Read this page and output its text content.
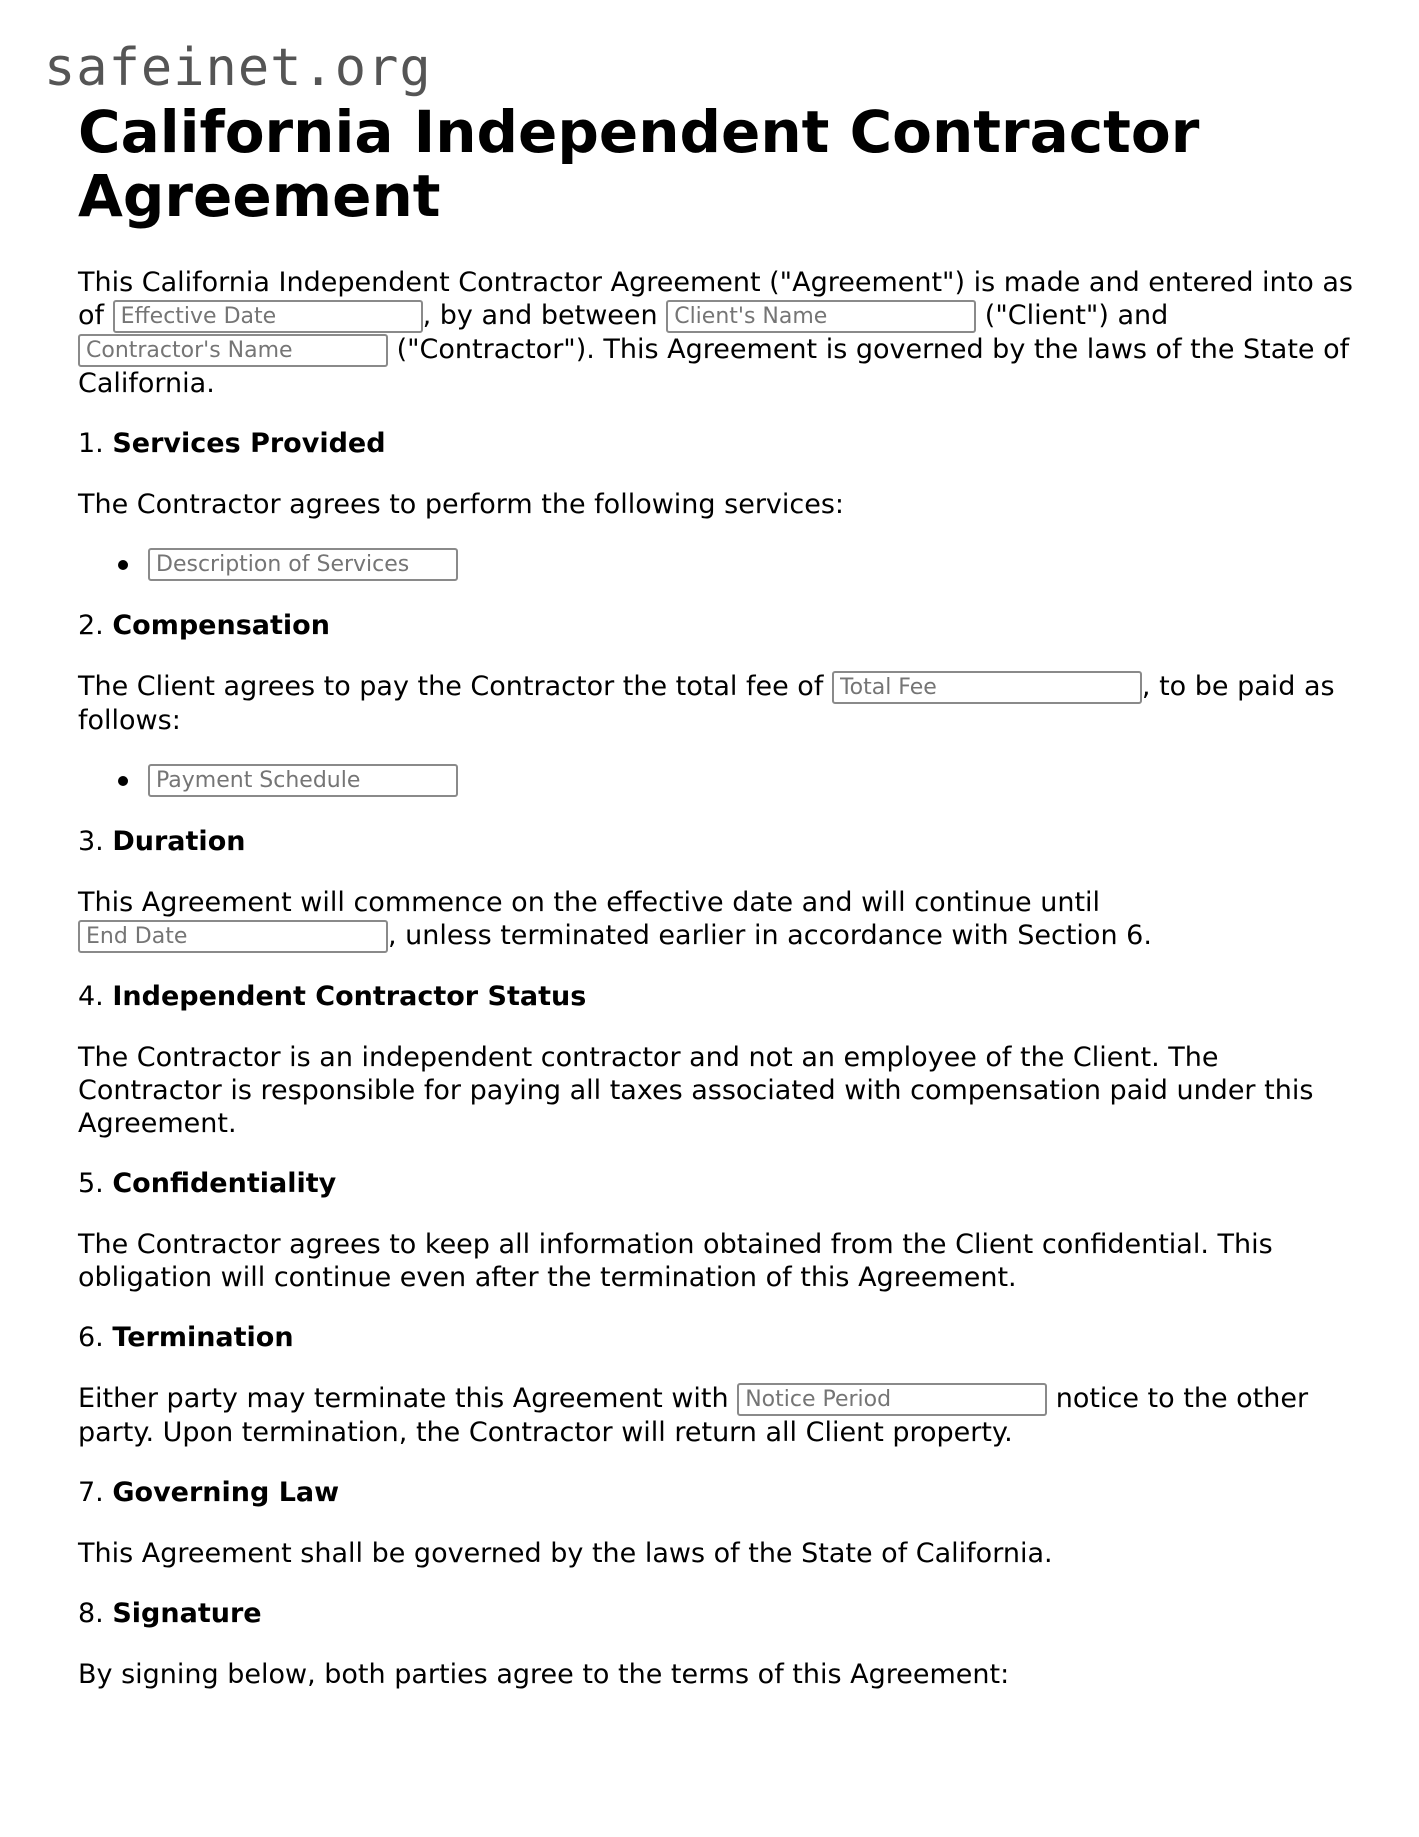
safeinet.org
California Independent Contractor Agreement

This California Independent Contractor Agreement ("Agreement") is made and entered into as of Effective Date	, by and between Client's Name	("Client") and Contractor's Name ("Contractor"). This Agreement is governed by the laws of the State of California.

1. Services Provided

The Contractor agrees to perform the following services:

Description of Services

2. Compensation

The Client agrees to pay the Contractor the total fee of Total Fee	, to be paid as follows:

Payment Schedule

3. Duration

This Agreement will commence on the effective date and will continue until End Date, unless terminated earlier in accordance with Section 6.

4. Independent Contractor Status

The Contractor is an independent contractor and not an employee of the Client. The Contractor is responsible for paying all taxes associated with compensation paid under this Agreement.

5. Confidentiality

The Contractor agrees to keep all information obtained from the Client confidential. This obligation will continue even after the termination of this Agreement.

6. Termination

Either party may terminate this Agreement with Notice Period	notice to the other party. Upon termination, the Contractor will return all Client property.

7. Governing Law

This Agreement shall be governed by the laws of the State of California.

8. Signature

By signing below, both parties agree to the terms of this Agreement:
